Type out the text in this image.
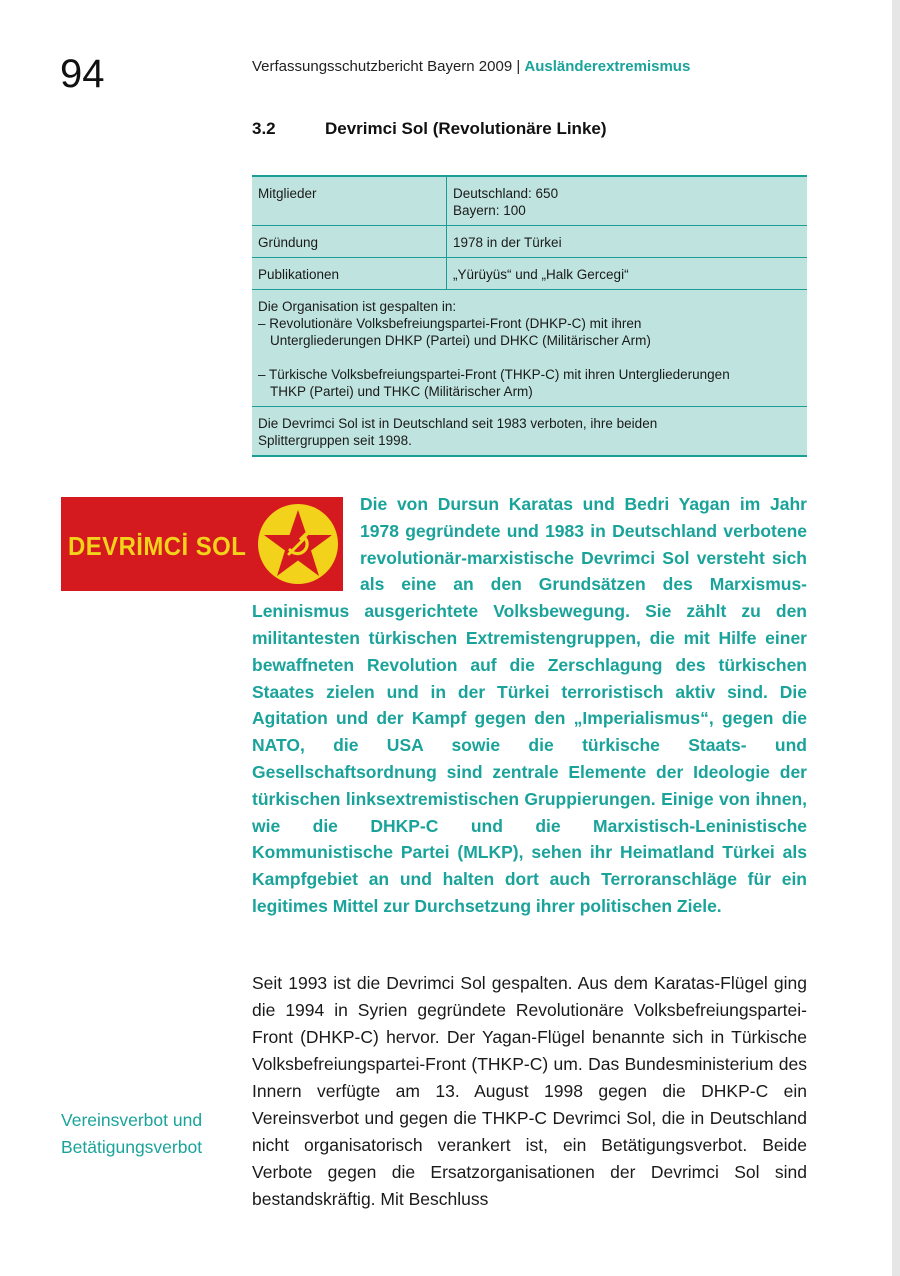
94	Verfassungsschutzbericht Bayern 2009 | Ausländerextremismus
3.2	Devrimci Sol (Revolutionäre Linke)
Mitglieder	Deutschland: 650
Bayern: 100

Gründung	1978 in der Türkei
Publikationen	„Yürüyüs“ und „Halk Gercegi“

Die Organisation ist gespalten in:
– Revolutionäre Volksbefreiungspartei-Front (DHKP-C) mit ihren
Untergliederungen DHKP (Partei) und DHKC (Militärischer Arm)
– Türkische Volksbefreiungspartei-Front (THKP-C) mit ihren Untergliederungen
THKP (Partei) und THKC (Militärischer Arm)	

Die Devrimci Sol ist in Deutschland seit 1983 verboten, ihre beiden
Splittergruppen seit 1998.	
DEVRİMCİ SOL

Die von Dursun Karatas und Bedri Yagan im Jahr 1978 gegründete und 1983 in Deutschland verbotene revolutionär-marxistische Devrimci Sol versteht sich als eine an den Grundsätzen des Marxismus-Leninismus ausgerichtete Volksbewegung. Sie zählt zu den militantesten türkischen Extremistengruppen, die mit Hilfe einer bewaffneten Revolution auf die Zerschlagung des türkischen Staates zielen und in der Türkei terroristisch aktiv sind. Die Agitation und der Kampf gegen den „Imperialismus“, gegen die NATO, die USA sowie die türkische Staats- und Gesellschaftsordnung sind zentrale Elemente der Ideologie der türkischen linksextremistischen Gruppierungen. Einige von ihnen, wie die DHKP-C und die Marxistisch-Leninistische Kommunistische Partei (MLKP), sehen ihr Heimatland Türkei als Kampfgebiet an und halten dort auch Terroranschläge für ein legitimes Mittel zur Durchsetzung ihrer politischen Ziele.

Seit 1993 ist die Devrimci Sol gespalten. Aus dem Karatas-Flügel ging die 1994 in Syrien gegründete Revolutionäre Volksbefreiungspartei-Front (DHKP-C) hervor. Der Yagan-Flügel benannte sich in Türkische Volksbefreiungspartei-Front (THKP-C) um. Das Bundesministerium des Innern verfügte am 13. August 1998 gegen die DHKP-C ein Vereinsverbot und gegen die THKP-C Devrimci Sol, die in Deutschland nicht organisatorisch verankert ist, ein Betätigungsverbot. Beide Verbote gegen die Ersatzorganisationen der Devrimci Sol sind bestandskräftig. Mit Beschluss

Vereinsverbot und
Betätigungsverbot
